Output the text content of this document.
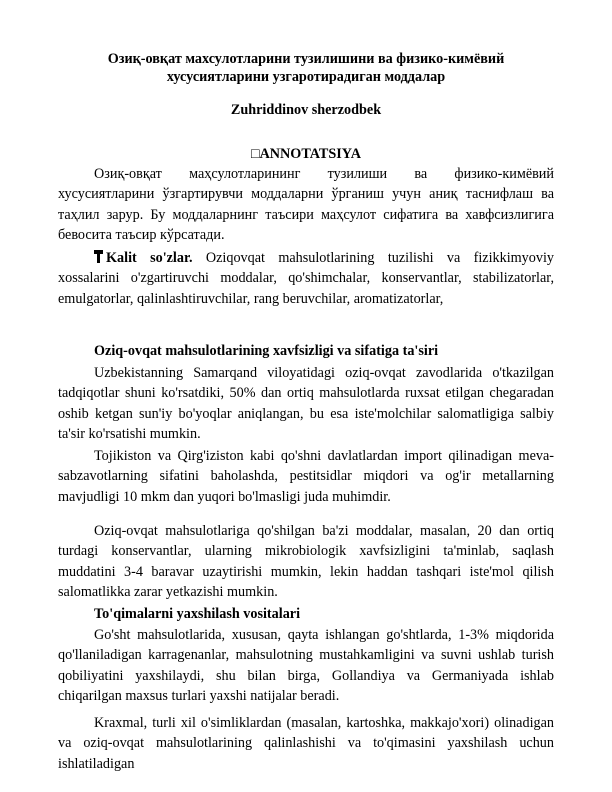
Озиқ-овқат махсулотларини тузилишини ва физико-кимёвий
хусусиятларини узгаротирадиган моддалар
Zuhriddinov sherzodbek
□ANNOTATSIYA

Озиқ-овқат маҳсулотларининг тузилиши ва физико-кимёвий хусусиятларини ўзгартирувчи моддаларни ўрганиш учун аниқ таснифлаш ва таҳлил зарур. Бу моддаларнинг таъсири маҳсулот сифатига ва хавфсизлигига бевосита таъсир кўрсатади.

Kalit so'zlar. Oziqovqat mahsulotlarining tuzilishi va fizikkimyoviy xossalarini o'zgartiruvchi moddalar, qo'shimchalar, konservantlar, stabilizatorlar, emulgatorlar, qalinlashtiruvchilar, rang beruvchilar, aromatizatorlar,

Oziq-ovqat mahsulotlarining xavfsizligi va sifatiga ta'siri

Uzbekistanning Samarqand viloyatidagi oziq-ovqat zavodlarida o'tkazilgan tadqiqotlar shuni ko'rsatdiki, 50% dan ortiq mahsulotlarda ruxsat etilgan chegaradan oshib ketgan sun'iy bo'yoqlar aniqlangan, bu esa iste'molchilar salomatligiga salbiy ta'sir ko'rsatishi mumkin.

Tojikiston va Qirg'iziston kabi qo'shni davlatlardan import qilinadigan meva-sabzavotlarning sifatini baholashda, pestitsidlar miqdori va og'ir metallarning mavjudligi 10 mkm dan yuqori bo'lmasligi juda muhimdir.

Oziq-ovqat mahsulotlariga qo'shilgan ba'zi moddalar, masalan, 20 dan ortiq turdagi konservantlar, ularning mikrobiologik xavfsizligini ta'minlab, saqlash muddatini 3-4 baravar uzaytirishi mumkin, lekin haddan tashqari iste'mol qilish salomatlikka zarar yetkazishi mumkin.

To'qimalarni yaxshilash vositalari

Go'sht mahsulotlarida, xususan, qayta ishlangan go'shtlarda, 1-3% miqdorida qo'llaniladigan karragenanlar, mahsulotning mustahkamligini va suvni ushlab turish qobiliyatini yaxshilaydi, shu bilan birga, Gollandiya va Germaniyada ishlab chiqarilgan maxsus turlari yaxshi natijalar beradi.

Kraxmal, turli xil o'simliklardan (masalan, kartoshka, makkajo'xori) olinadigan va oziq-ovqat mahsulotlarining qalinlashishi va to'qimasini yaxshilash uchun ishlatiladigan
